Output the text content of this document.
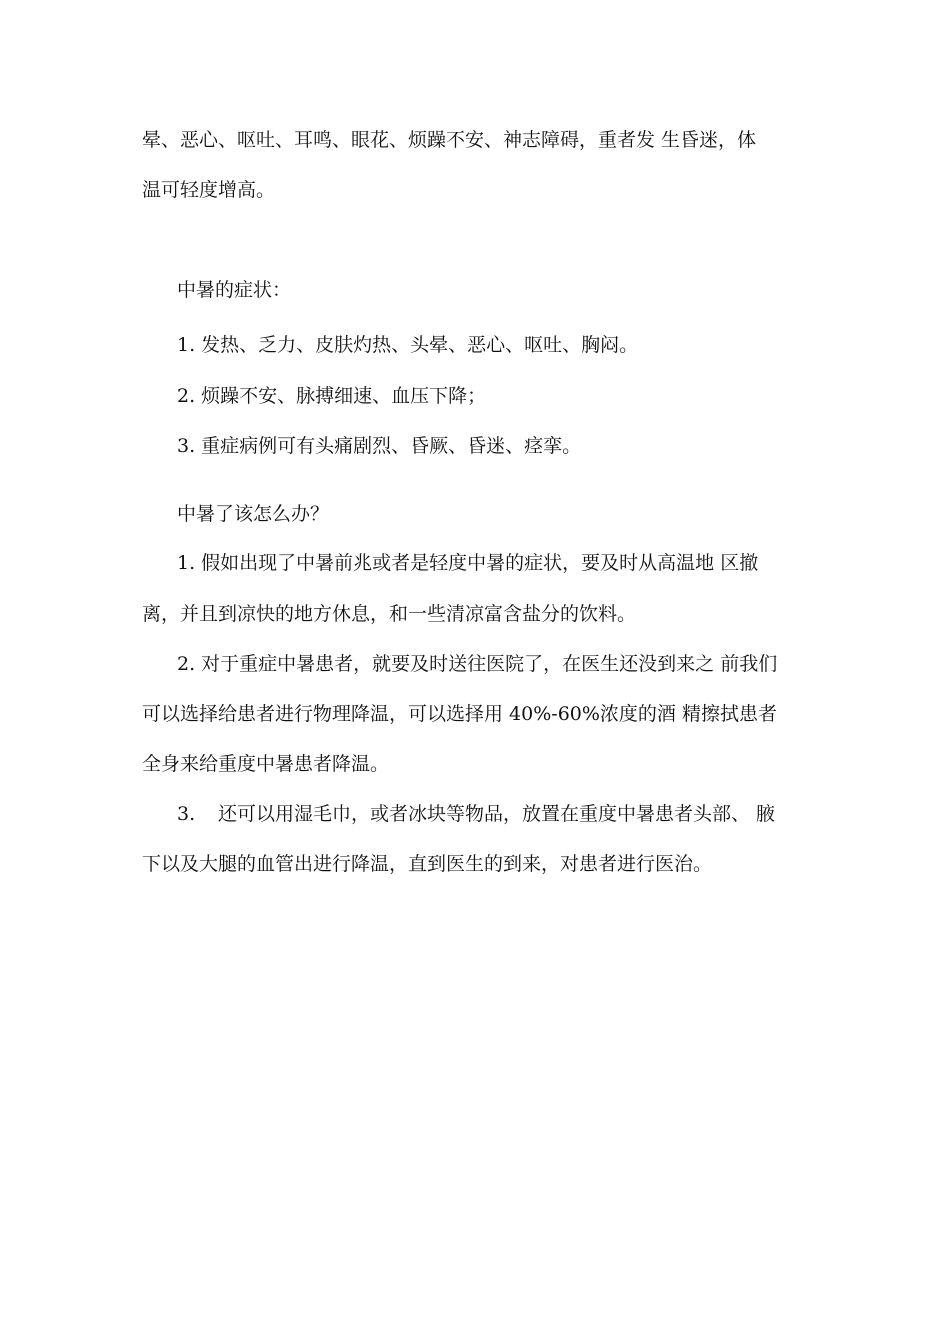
晕、恶心、呕吐、耳鸣、眼花、烦躁不安、神志障碍，重者发 生昏迷，体
温可轻度增高。
中暑的症状：
1. 发热、乏力、皮肤灼热、头晕、恶心、呕吐、胸闷。
2. 烦躁不安、脉搏细速、血压下降；
3. 重症病例可有头痛剧烈、昏厥、昏迷、痉挛。
中暑了该怎么办？
1. 假如出现了中暑前兆或者是轻度中暑的症状，要及时从高温地 区撤
离，并且到凉快的地方休息，和一些清凉富含盐分的饮料。
2. 对于重症中暑患者，就要及时送往医院了，在医生还没到来之 前我们
可以选择给患者进行物理降温，可以选择用 40%-60%浓度的酒 精擦拭患者
全身来给重度中暑患者降温。
3. 还可以用湿毛巾，或者冰块等物品，放置在重度中暑患者头部、 腋
下以及大腿的血管出进行降温，直到医生的到来，对患者进行医治。
